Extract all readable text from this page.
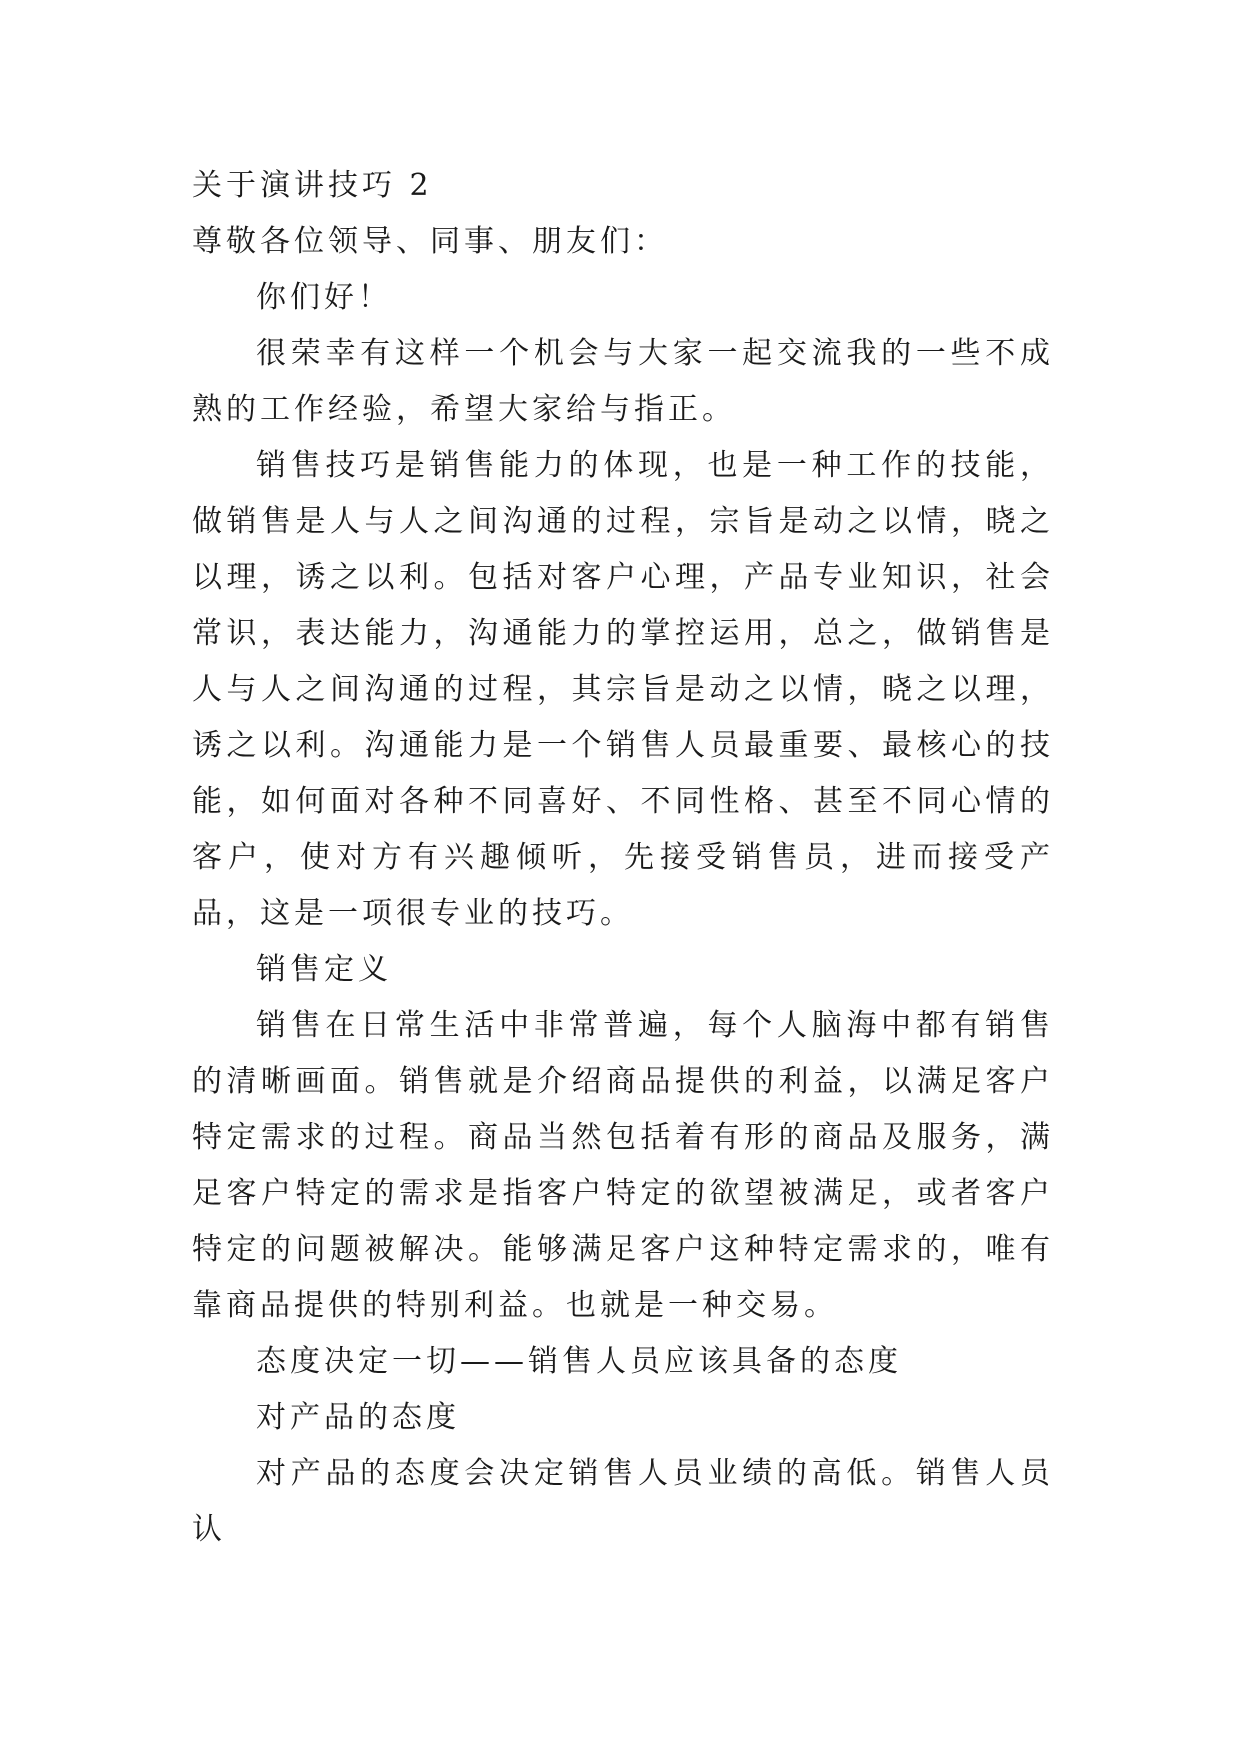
关于演讲技巧 2

尊敬各位领导、同事、朋友们：

你们好！

很荣幸有这样一个机会与大家一起交流我的一些不成熟的工作经验，希望大家给与指正。

销售技巧是销售能力的体现，也是一种工作的技能，做销售是人与人之间沟通的过程，宗旨是动之以情，晓之以理，诱之以利。包括对客户心理，产品专业知识，社会常识，表达能力，沟通能力的掌控运用，总之，做销售是人与人之间沟通的过程，其宗旨是动之以情，晓之以理，诱之以利。沟通能力是一个销售人员最重要、最核心的技能，如何面对各种不同喜好、不同性格、甚至不同心情的客户，使对方有兴趣倾听，先接受销售员，进而接受产品，这是一项很专业的技巧。

销售定义

销售在日常生活中非常普遍，每个人脑海中都有销售的清晰画面。销售就是介绍商品提供的利益，以满足客户特定需求的过程。商品当然包括着有形的商品及服务，满足客户特定的需求是指客户特定的欲望被满足，或者客户特定的问题被解决。能够满足客户这种特定需求的，唯有靠商品提供的特别利益。也就是一种交易。

态度决定一切——销售人员应该具备的态度

对产品的态度

对产品的态度会决定销售人员业绩的高低。销售人员认
